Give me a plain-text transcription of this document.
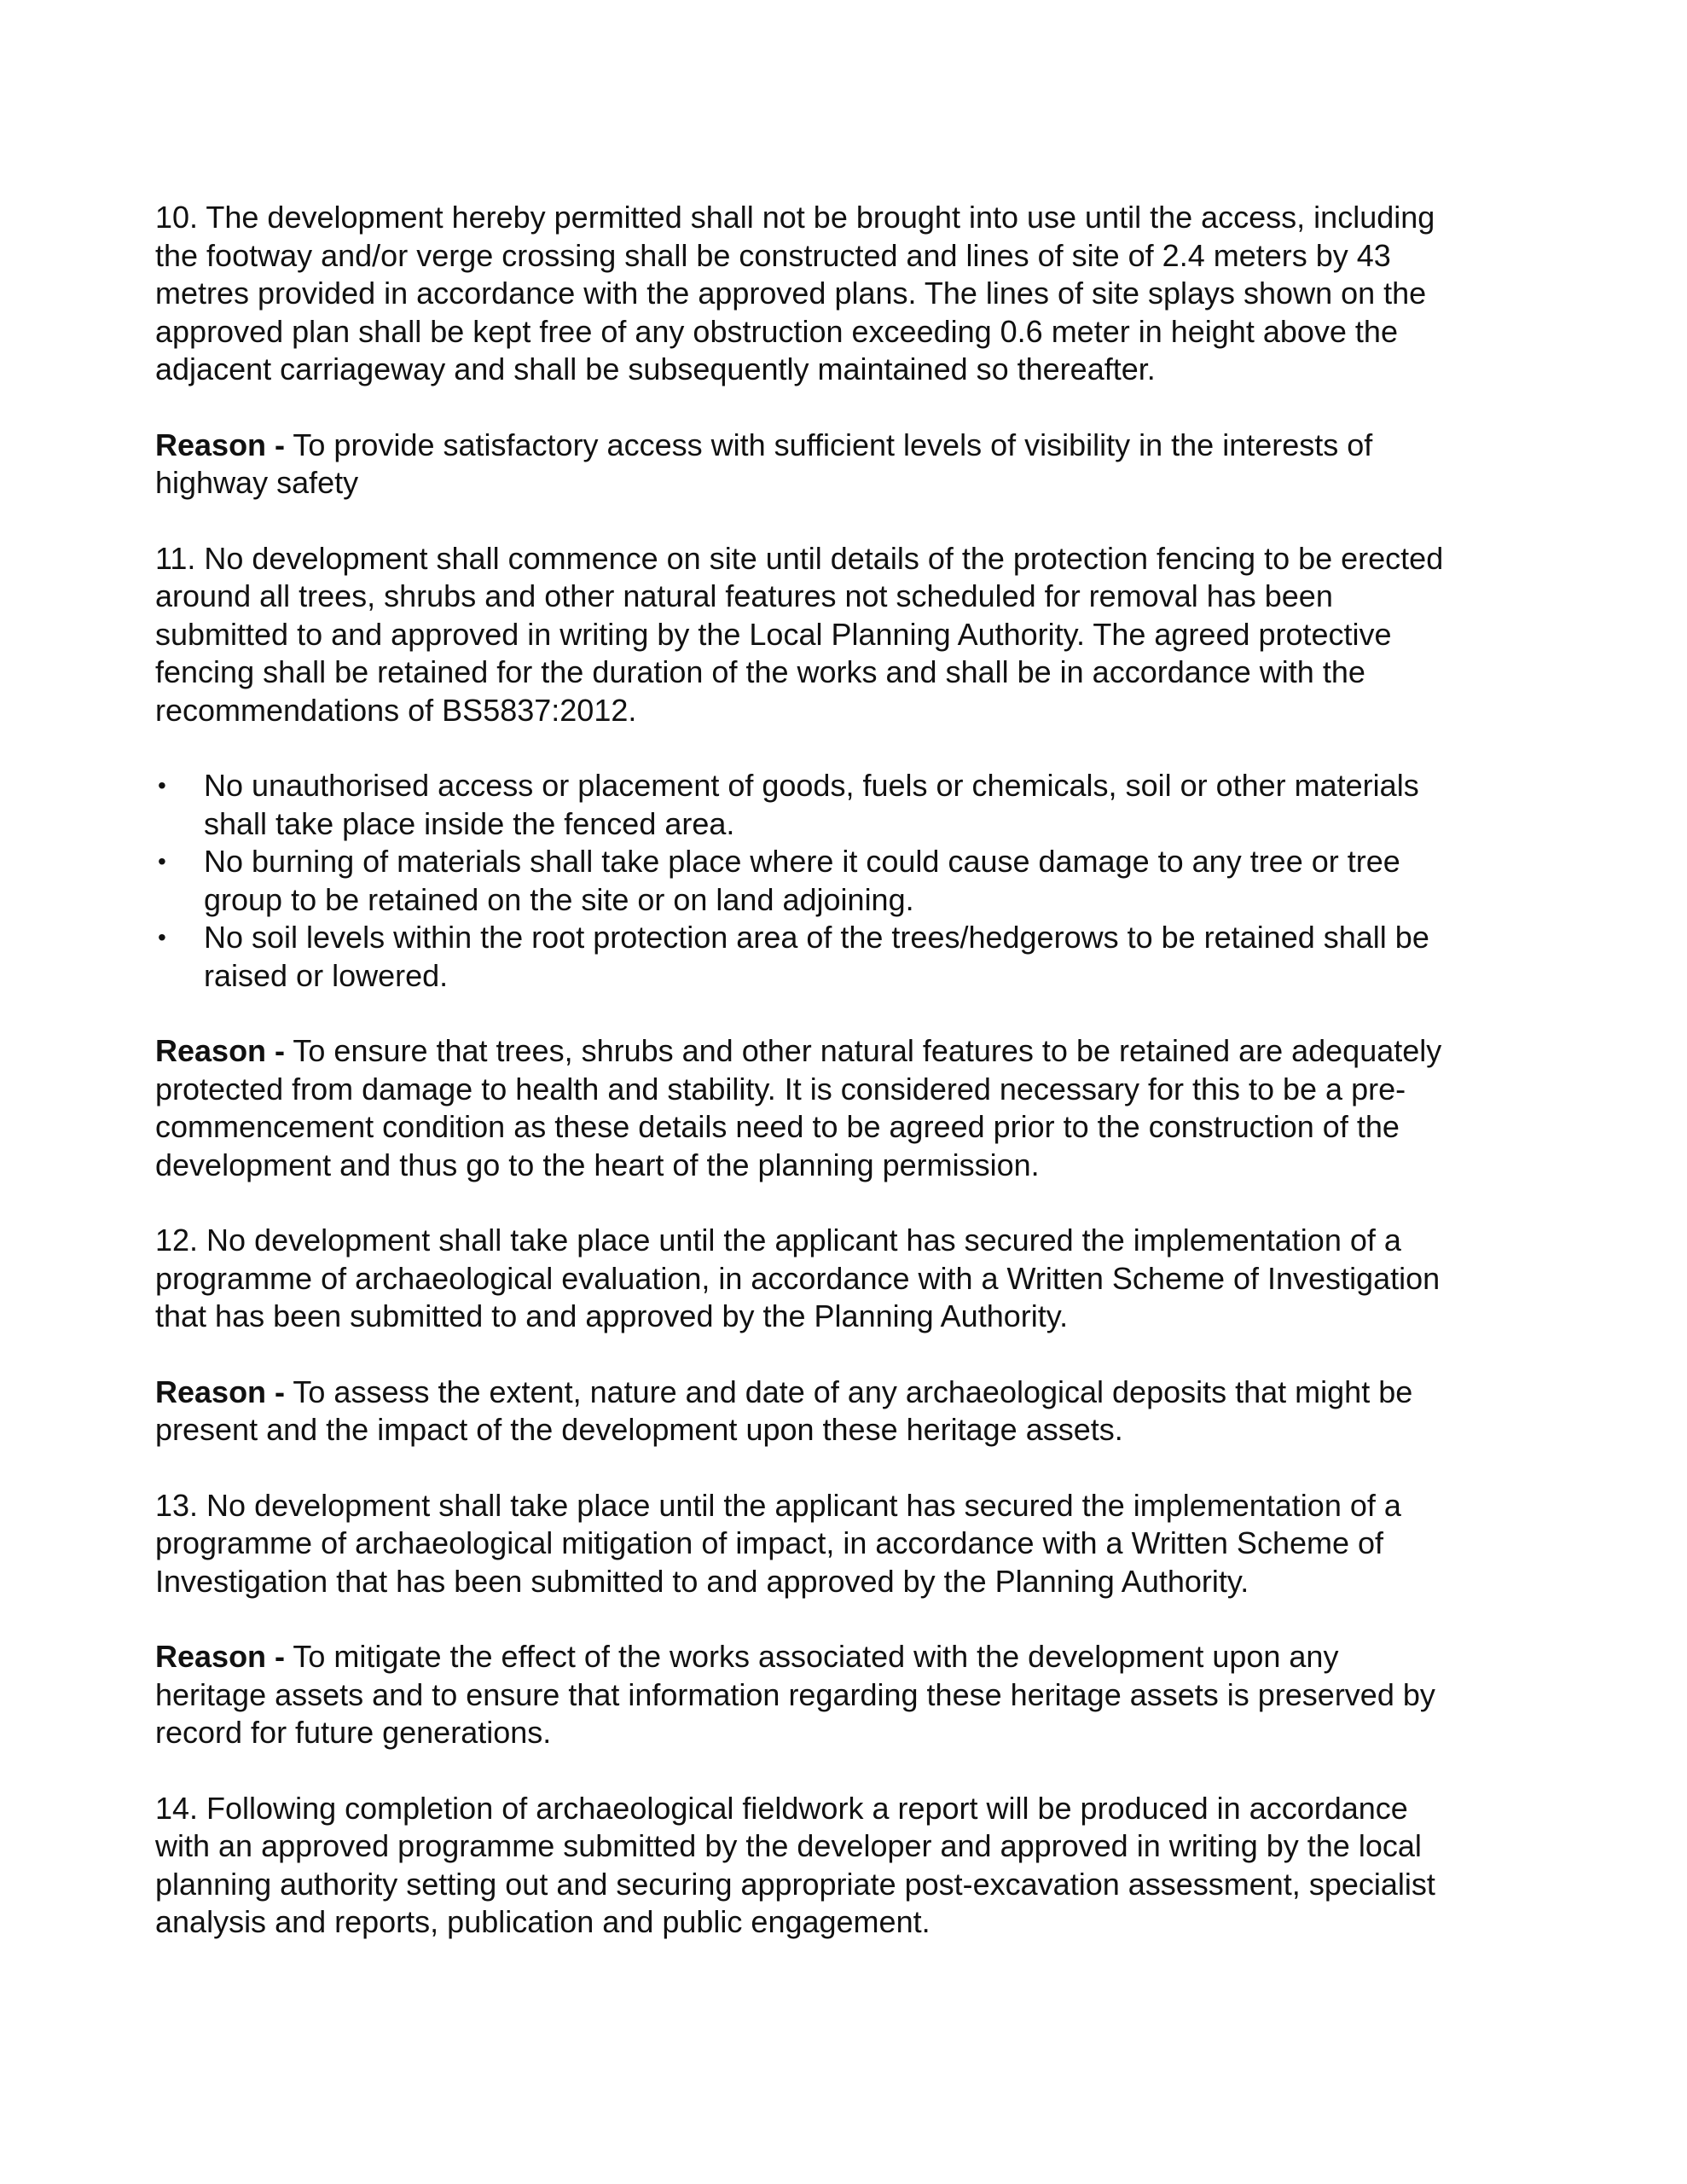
10. The development hereby permitted shall not be brought into use until the access, including
the footway and/or verge crossing shall be constructed and lines of site of 2.4 meters by 43
metres provided in accordance with the approved plans. The lines of site splays shown on the
approved plan shall be kept free of any obstruction exceeding 0.6 meter in height above the
adjacent carriageway and shall be subsequently maintained so thereafter.

Reason - To provide satisfactory access with sufficient levels of visibility in the interests of
highway safety

11. No development shall commence on site until details of the protection fencing to be erected
around all trees, shrubs and other natural features not scheduled for removal has been
submitted to and approved in writing by the Local Planning Authority. The agreed protective
fencing shall be retained for the duration of the works and shall be in accordance with the
recommendations of BS5837:2012.

• No unauthorised access or placement of goods, fuels or chemicals, soil or other materials
shall take place inside the fenced area.
• No burning of materials shall take place where it could cause damage to any tree or tree
group to be retained on the site or on land adjoining.
• No soil levels within the root protection area of the trees/hedgerows to be retained shall be
raised or lowered.

Reason - To ensure that trees, shrubs and other natural features to be retained are adequately
protected from damage to health and stability. It is considered necessary for this to be a pre-
commencement condition as these details need to be agreed prior to the construction of the
development and thus go to the heart of the planning permission.

12. No development shall take place until the applicant has secured the implementation of a
programme of archaeological evaluation, in accordance with a Written Scheme of Investigation
that has been submitted to and approved by the Planning Authority.

Reason - To assess the extent, nature and date of any archaeological deposits that might be
present and the impact of the development upon these heritage assets.

13. No development shall take place until the applicant has secured the implementation of a
programme of archaeological mitigation of impact, in accordance with a Written Scheme of
Investigation that has been submitted to and approved by the Planning Authority.

Reason - To mitigate the effect of the works associated with the development upon any
heritage assets and to ensure that information regarding these heritage assets is preserved by
record for future generations.

14. Following completion of archaeological fieldwork a report will be produced in accordance
with an approved programme submitted by the developer and approved in writing by the local
planning authority setting out and securing appropriate post-excavation assessment, specialist
analysis and reports, publication and public engagement.
